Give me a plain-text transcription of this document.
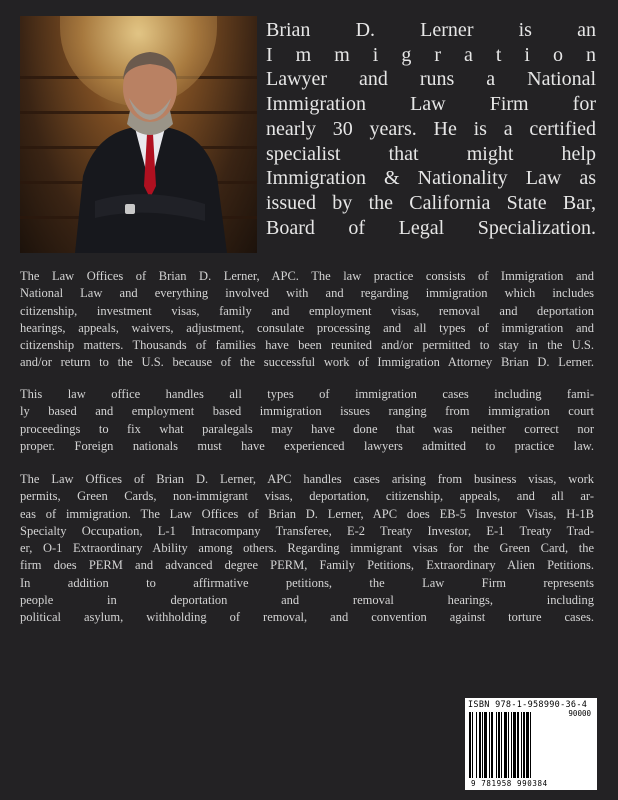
Brian D. Lerner is an
I m m i g r a t i o n
Lawyer and runs a National
Immigration Law Firm for
nearly 30 years. He is a certified
specialist that might help
Immigration & Nationality Law as
issued by the California State Bar,
Board of Legal Specialization.
The Law Offices of Brian D. Lerner, APC. The law practice consists of Immigration and
National Law and everything involved with and regarding immigration which includes
citizenship, investment visas, family and employment visas, removal and deportation
hearings, appeals, waivers, adjustment, consulate processing and all types of immigration and
citizenship matters. Thousands of families have been reunited and/or permitted to stay in the U.S.
and/or return to the U.S. because of the successful work of Immigration Attorney Brian D. Lerner.
This law office handles all types of immigration cases including fami-
ly based and employment based immigration issues ranging from immigration court
proceedings to fix what paralegals may have done that was neither correct nor
proper. Foreign nationals must have experienced lawyers admitted to practice law.
The Law Offices of Brian D. Lerner, APC handles cases arising from business visas, work
permits, Green Cards, non-immigrant visas, deportation, citizenship, appeals, and all ar-
eas of immigration. The Law Offices of Brian D. Lerner, APC does EB-5 Investor Visas, H-1B
Specialty Occupation, L-1 Intracompany Transferee, E-2 Treaty Investor, E-1 Treaty Trad-
er, O-1 Extraordinary Ability among others. Regarding immigrant visas for the Green Card, the
firm does PERM and advanced degree PERM, Family Petitions, Extraordinary Alien Petitions.
In addition to affirmative petitions, the Law Firm represents
people in deportation and removal hearings, including
political asylum, withholding of removal, and convention against torture cases.
ISBN 978-1-958990-36-4
90000
9 781958 990384
